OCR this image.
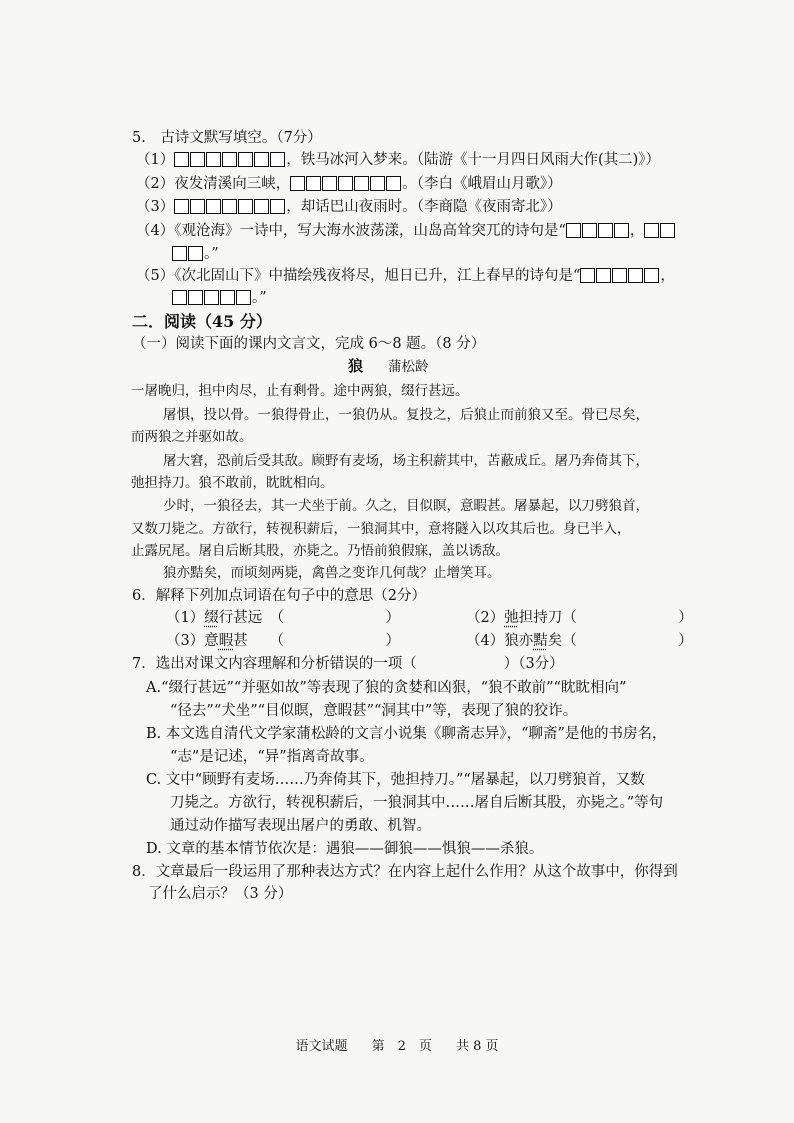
5.　古诗文默写填空。（7分）
（1）	，铁马冰河入梦来。（陆游《十一月四日风雨大作(其二)》）
（2）夜发清溪向三峡，	。（李白《峨眉山月歌》）
（3）	，却话巴山夜雨时。（李商隐《夜雨寄北》）
（4）《观沧海》一诗中，写大海水波荡漾，山岛高耸突兀的诗句是“	，
。”
（5）《次北固山下》中描绘残夜将尽，旭日已升，江上春早的诗句是“	，
。”
二．阅读（45 分）
（一）阅读下面的课内文言文，完成 6～8 题。（8 分）
狼 蒲松龄
一屠晚归，担中肉尽，止有剩骨。途中两狼，缀行甚远。
屠惧，投以骨。一狼得骨止，一狼仍从。复投之，后狼止而前狼又至。骨已尽矣，
而两狼之并驱如故。
屠大窘，恐前后受其敌。顾野有麦场，场主积薪其中，苫蔽成丘。屠乃奔倚其下，
弛担持刀。狼不敢前，眈眈相向。
少时，一狼径去，其一犬坐于前。久之，目似瞑，意暇甚。屠暴起，以刀劈狼首，
又数刀毙之。方欲行，转视积薪后，一狼洞其中，意将隧入以攻其后也。身已半入，
止露尻尾。屠自后断其股，亦毙之。乃悟前狼假寐，盖以诱敌。
狼亦黠矣，而顷刻两毙，禽兽之变诈几何哉？止增笑耳。
6．解释下列加点词语在句子中的意思（2分）
（1）缀行甚远　（　　　　　　　）	（2）弛担持刀（　　　　　　　）
（3）意暇甚　　（　　　　　　　）	（4）狼亦黠矣（　　　　　　　）
7．选出对课文内容理解和分析错误的一项（　　　　　　）（3分）
A.“缀行甚远”“并驱如故”等表现了狼的贪婪和凶狠，“狼不敢前”“眈眈相向”
“径去”“犬坐”“目似瞑，意暇甚”“洞其中”等，表现了狼的狡诈。
B. 本文选自清代文学家蒲松龄的文言小说集《聊斋志异》，“聊斋”是他的书房名，
“志”是记述，“异”指离奇故事。
C. 文中“顾野有麦场……乃奔倚其下，弛担持刀。”“屠暴起，以刀劈狼首，又数
刀毙之。方欲行，转视积薪后，一狼洞其中……屠自后断其股，亦毙之。”等句
通过动作描写表现出屠户的勇敢、机智。
D. 文章的基本情节依次是：遇狼——御狼——惧狼——杀狼。
8．文章最后一段运用了那种表达方式？在内容上起什么作用？从这个故事中，你得到
了什么启示？（3 分）
语文试题 第　2　页 共 8 页
